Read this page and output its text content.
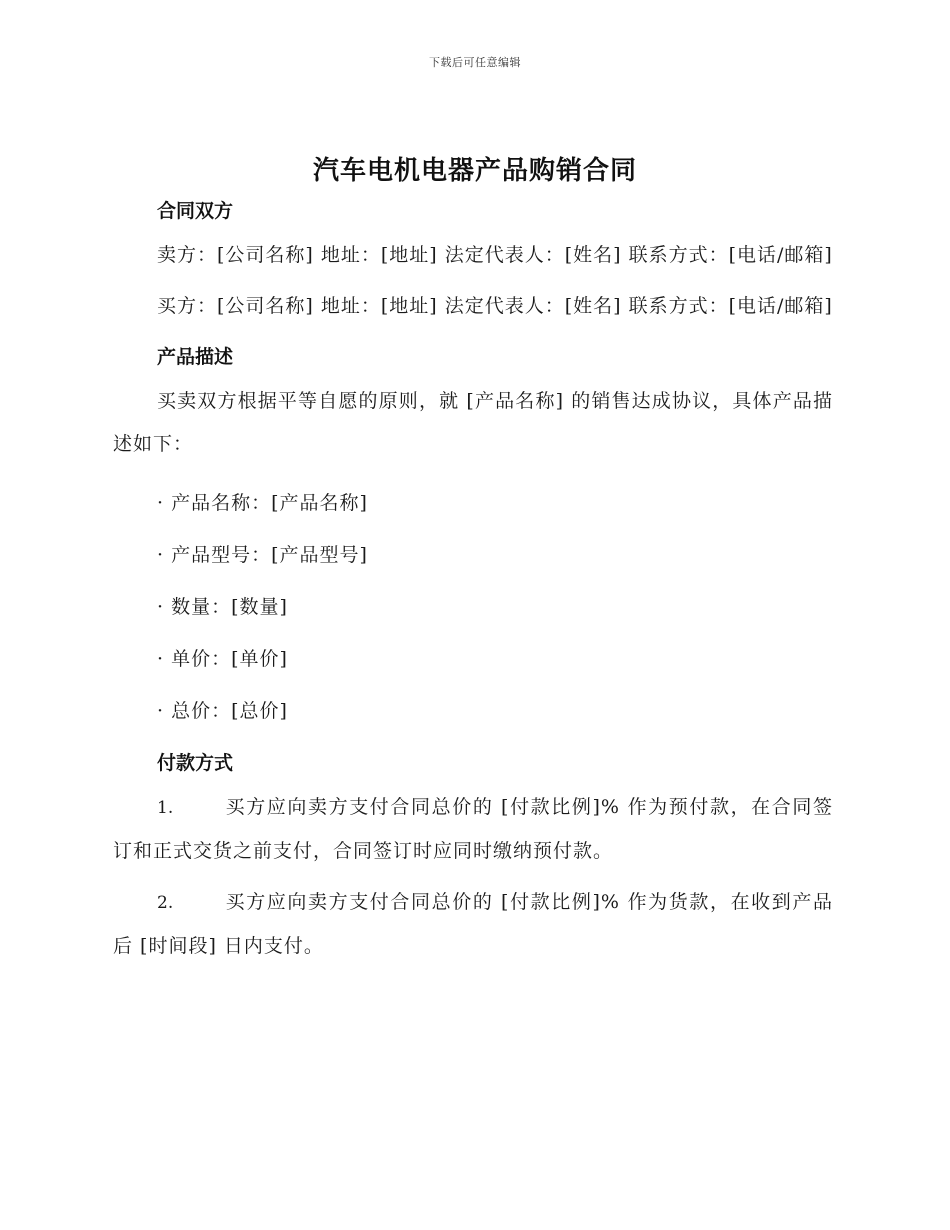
下载后可任意编辑
汽车电机电器产品购销合同
合同双方

卖方：[公司名称] 地址：[地址] 法定代表人：[姓名] 联系方式：[电话/邮箱]

买方：[公司名称] 地址：[地址] 法定代表人：[姓名] 联系方式：[电话/邮箱]

产品描述

买卖双方根据平等自愿的原则，就 [产品名称] 的销售达成协议，具体产品描述如下：

· 产品名称：[产品名称]
· 产品型号：[产品型号]
· 数量：[数量]
· 单价：[单价]
· 总价：[总价]
付款方式

1.	买方应向卖方支付合同总价的 [付款比例]% 作为预付款，在合同签订和正式交货之前支付，合同签订时应同时缴纳预付款。

2.	买方应向卖方支付合同总价的 [付款比例]% 作为货款，在收到产品后 [时间段] 日内支付。
